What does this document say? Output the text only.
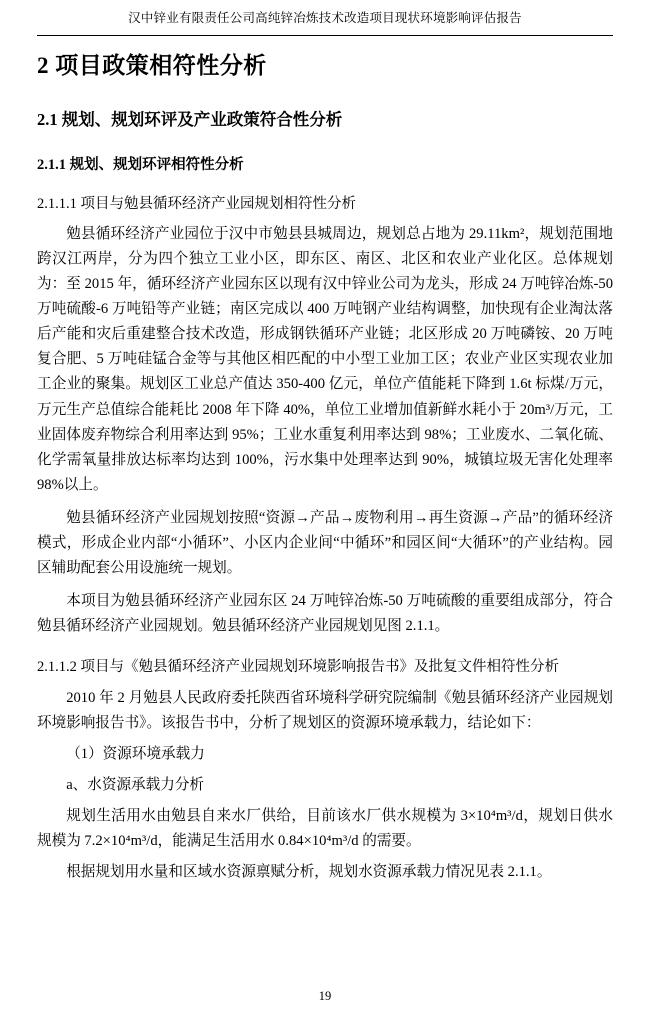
汉中锌业有限责任公司高纯锌冶炼技术改造项目现状环境影响评估报告
2 项目政策相符性分析
2.1 规划、规划环评及产业政策符合性分析
2.1.1 规划、规划环评相符性分析
2.1.1.1 项目与勉县循环经济产业园规划相符性分析

勉县循环经济产业园位于汉中市勉县县城周边，规划总占地为 29.11km²，规划范围地跨汉江两岸，分为四个独立工业小区，即东区、南区、北区和农业产业化区。总体规划为：至 2015 年，循环经济产业园东区以现有汉中锌业公司为龙头，形成 24 万吨锌冶炼-50 万吨硫酸-6 万吨铅等产业链；南区完成以 400 万吨钢产业结构调整，加快现有企业淘汰落后产能和灾后重建整合技术改造，形成钢铁循环产业链；北区形成 20 万吨磷铵、20 万吨复合肥、5 万吨硅锰合金等与其他区相匹配的中小型工业加工区；农业产业区实现农业加工企业的聚集。规划区工业总产值达 350-400 亿元，单位产值能耗下降到 1.6t 标煤/万元，万元生产总值综合能耗比 2008 年下降 40%，单位工业增加值新鲜水耗小于 20m³/万元，工业固体废弃物综合利用率达到 95%；工业水重复利用率达到 98%；工业废水、二氧化硫、化学需氧量排放达标率均达到 100%，污水集中处理率达到 90%，城镇垃圾无害化处理率 98%以上。

勉县循环经济产业园规划按照“资源→产品→废物利用→再生资源→产品”的循环经济模式，形成企业内部“小循环”、小区内企业间“中循环”和园区间“大循环”的产业结构。园区辅助配套公用设施统一规划。

本项目为勉县循环经济产业园东区 24 万吨锌冶炼-50 万吨硫酸的重要组成部分，符合勉县循环经济产业园规划。勉县循环经济产业园规划见图 2.1.1。

2.1.1.2 项目与《勉县循环经济产业园规划环境影响报告书》及批复文件相符性分析

2010 年 2 月勉县人民政府委托陕西省环境科学研究院编制《勉县循环经济产业园规划环境影响报告书》。该报告书中，分析了规划区的资源环境承载力，结论如下：

（1）资源环境承载力

a、水资源承载力分析

规划生活用水由勉县自来水厂供给，目前该水厂供水规模为 3×10⁴m³/d，规划日供水规模为 7.2×10⁴m³/d，能满足生活用水 0.84×10⁴m³/d 的需要。

根据规划用水量和区域水资源禀赋分析，规划水资源承载力情况见表 2.1.1。

19
